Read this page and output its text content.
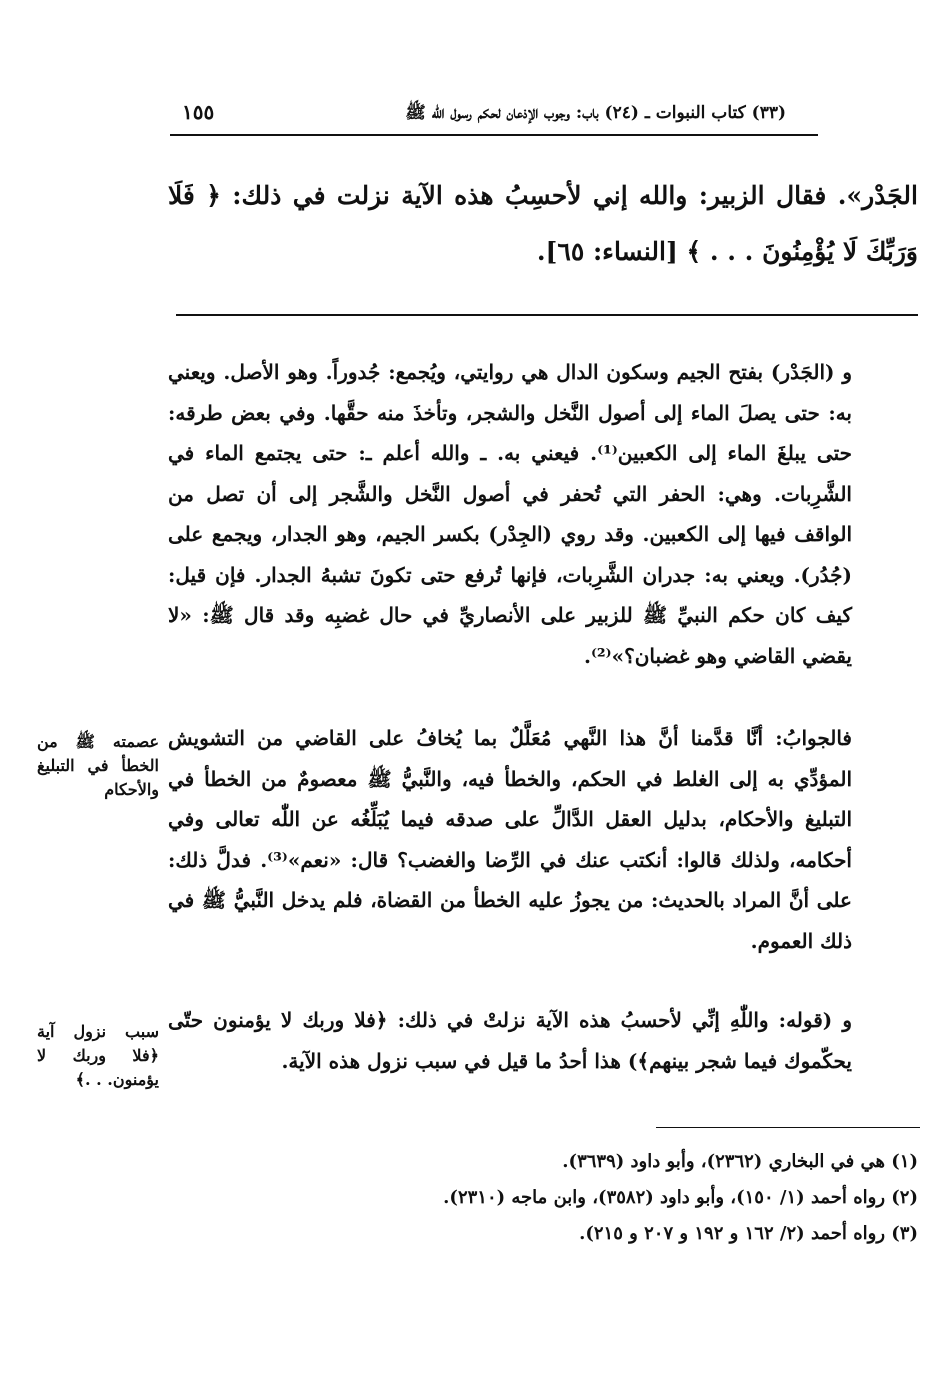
(٣٣) كتاب النبوات ـ (٢٤) باب: وجوب الإذعان لحكم رسول الله ﷺ
١٥٥
الجَدْر». فقال الزبير: والله إني لأحسِبُ هذه الآية نزلت في ذلك: ﴿ فَلَا وَرَبِّكَ لَا يُؤْمِنُونَ . . . ﴾ [النساء: ٦٥].
و (الجَدْر) بفتح الجيم وسكون الدال هي روايتي، ويُجمع: جُدوراً. وهو الأصل. ويعني به: حتى يصلَ الماء إلى أصول النَّخل والشجر، وتأخذَ منه حقَّها. وفي بعض طرقه: حتى يبلغَ الماء إلى الكعبين⁽¹⁾. فيعني به. ـ والله أعلم ـ: حتى يجتمع الماء في الشَّرِبات. وهي: الحفر التي تُحفر في أصول النَّخل والشَّجر إلى أن تصل من الواقف فيها إلى الكعبين. وقد روي (الجِدْر) بكسر الجيم، وهو الجدار، ويجمع على (جُدُر). ويعني به: جدران الشَّرِبات، فإنها تُرفع حتى تكونَ تشبهُ الجدار. فإن قيل: كيف كان حكم النبيِّ ﷺ للزبير على الأنصاريِّ في حال غضبِه وقد قال ﷺ: «لا يقضي القاضي وهو غضبان؟»⁽²⁾.
فالجوابُ: أنَّا قدَّمنا أنَّ هذا النَّهي مُعَلَّلٌ بما يُخافُ على القاضي من التشويش المؤدِّي به إلى الغلط في الحكم، والخطأ فيه، والنَّبيُّ ﷺ معصومٌ من الخطأ في التبليغ والأحكام، بدليل العقل الدَّالِّ على صدقه فيما يُبَلِّغُه عن اللّٰه تعالى وفي أحكامه، ولذلك قالوا: أنكتب عنك في الرِّضا والغضب؟ قال: «نعم»⁽³⁾. فدلَّ ذلك: على أنَّ المراد بالحديث: من يجوزُ عليه الخطأ من القضاة، فلم يدخل النَّبيُّ ﷺ في ذلك العموم.
و (قوله: واللّٰهِ إنِّي لأحسبُ هذه الآية نزلتْ في ذلك: ﴿فلا وربك لا يؤمنون حتّى يحكّموك فيما شجر بينهم﴾) هذا أحدُ ما قيل في سبب نزول هذه الآية.
عصمته ﷺ من الخطأ في التبليغ والأحكام
سبب نزول آية ﴿فلا وربك لا يؤمنون. . .﴾
(١) هي في البخاري (٢٣٦٢)، وأبو داود (٣٦٣٩).
(٢) رواه أحمد (١/ ١٥٠)، وأبو داود (٣٥٨٢)، وابن ماجه (٢٣١٠).
(٣) رواه أحمد (٢/ ١٦٢ و ١٩٢ و ٢٠٧ و ٢١٥).
